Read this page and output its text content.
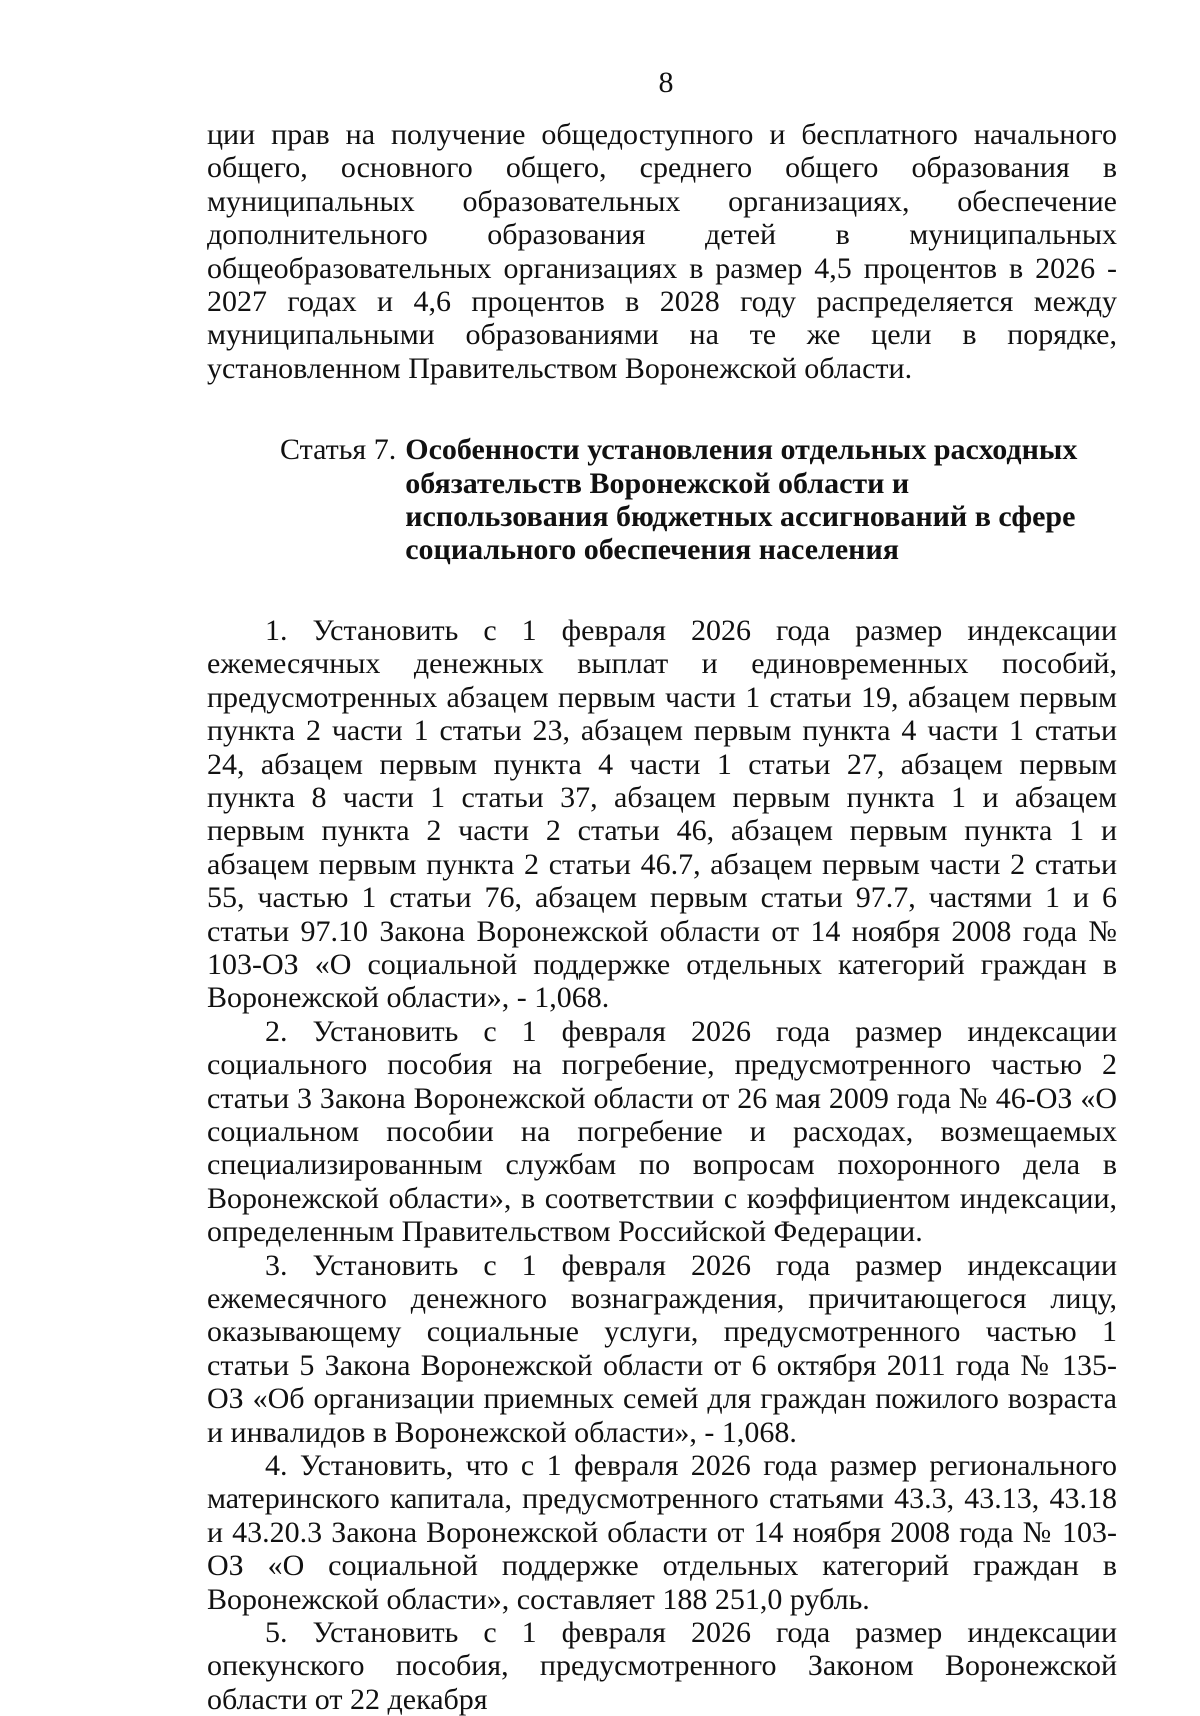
8

ции прав на получение общедоступного и бесплатного начального общего, основного общего, среднего общего образования в муниципальных образовательных организациях, обеспечение дополнительного образования детей в муниципальных общеобразовательных организациях в размер 4,5 процентов в 2026 - 2027 годах и 4,6 процентов в 2028 году распределяется между муниципальными образованиями на те же цели в порядке, установленном Правительством Воронежской области.

Статья 7. Особенности установления отдельных расходных обязательств Воронежской области и использования бюджетных ассигнований в сфере социального обеспечения населения

1. Установить с 1 февраля 2026 года размер индексации ежемесячных денежных выплат и единовременных пособий, предусмотренных абзацем первым части 1 статьи 19, абзацем первым пункта 2 части 1 статьи 23, абзацем первым пункта 4 части 1 статьи 24, абзацем первым пункта 4 части 1 статьи 27, абзацем первым пункта 8 части 1 статьи 37, абзацем первым пункта 1 и абзацем первым пункта 2 части 2 статьи 46, абзацем первым пункта 1 и абзацем первым пункта 2 статьи 46.7, абзацем первым части 2 статьи 55, частью 1 статьи 76, абзацем первым статьи 97.7, частями 1 и 6 статьи 97.10 Закона Воронежской области от 14 ноября 2008 года № 103-ОЗ «О социальной поддержке отдельных категорий граждан в Воронежской области», - 1,068.

2. Установить с 1 февраля 2026 года размер индексации социального пособия на погребение, предусмотренного частью 2 статьи 3 Закона Воронежской области от 26 мая 2009 года № 46-ОЗ «О социальном пособии на погребение и расходах, возмещаемых специализированным службам по вопросам похоронного дела в Воронежской области», в соответствии с коэффициентом индексации, определенным Правительством Российской Федерации.

3. Установить с 1 февраля 2026 года размер индексации ежемесячного денежного вознаграждения, причитающегося лицу, оказывающему социальные услуги, предусмотренного частью 1 статьи 5 Закона Воронежской области от 6 октября 2011 года № 135-ОЗ «Об организации приемных семей для граждан пожилого возраста и инвалидов в Воронежской области», - 1,068.

4. Установить, что с 1 февраля 2026 года размер регионального материнского капитала, предусмотренного статьями 43.3, 43.13, 43.18 и 43.20.3 Закона Воронежской области от 14 ноября 2008 года № 103-ОЗ «О социальной поддержке отдельных категорий граждан в Воронежской области», составляет 188 251,0 рубль.

5. Установить с 1 февраля 2026 года размер индексации опекунского пособия, предусмотренного Законом Воронежской области от 22 декабря
